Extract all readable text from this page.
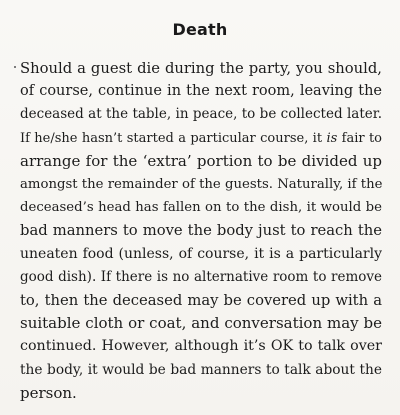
Death
Should a guest die during the party, you should,
of course, continue in the next room, leaving the
deceased at the table, in peace, to be collected later.
If he/she hasn’t started a particular course, it is fair to
arrange for the ‘extra’ portion to be divided up
amongst the remainder of the guests. Naturally, if the
deceased’s head has fallen on to the dish, it would be
bad manners to move the body just to reach the
uneaten food (unless, of course, it is a particularly
good dish). If there is no alternative room to remove
to, then the deceased may be covered up with a
suitable cloth or coat, and conversation may be
continued. However, although it’s OK to talk over
the body, it would be bad manners to talk about the
person.
